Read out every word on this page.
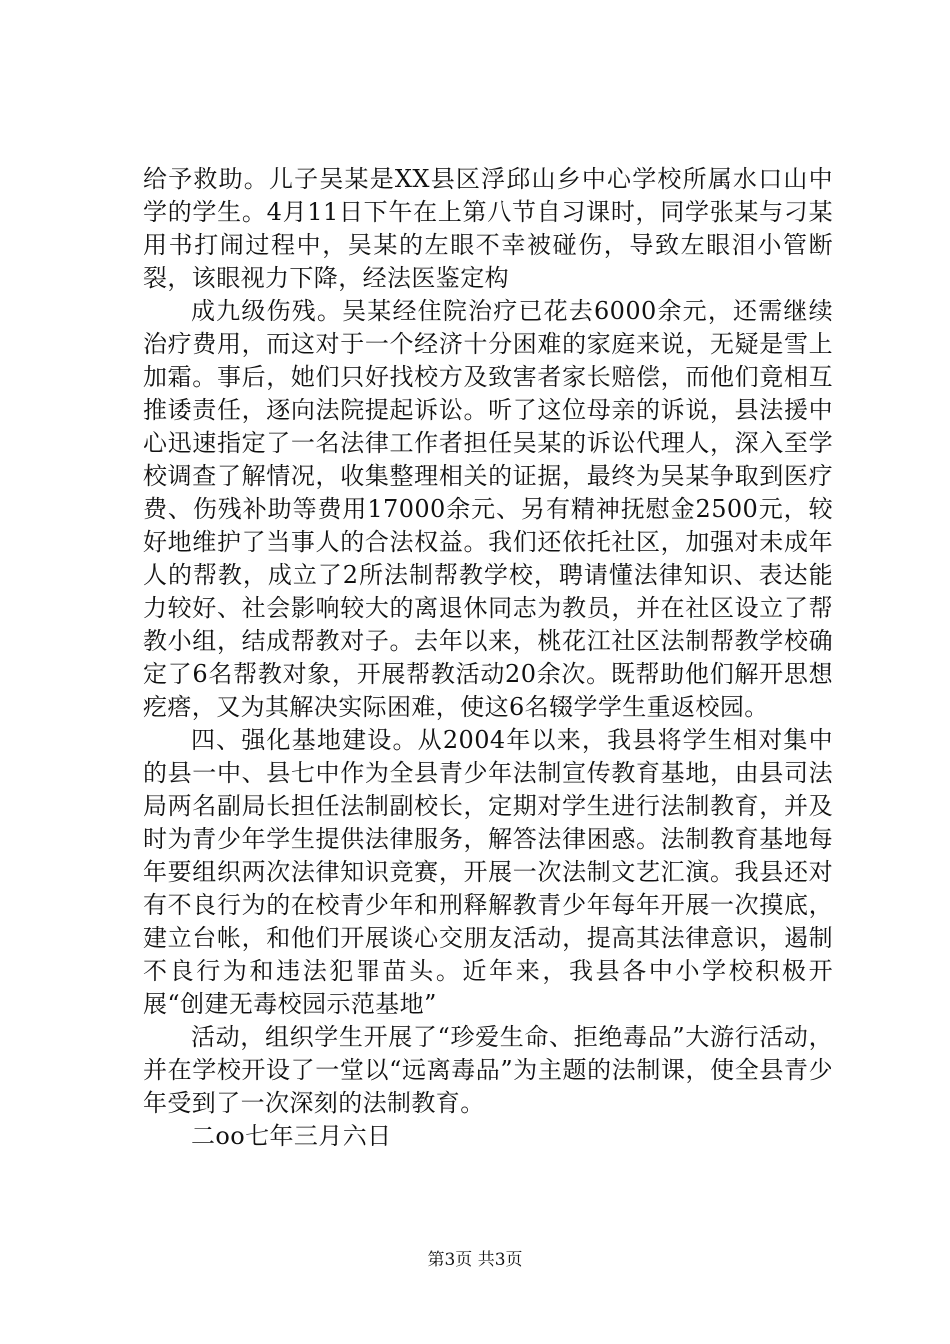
给予救助。儿子吴某是XX县区浮邱山乡中心学校所属水口山中学的学生。4月11日下午在上第八节自习课时，同学张某与刁某用书打闹过程中，吴某的左眼不幸被碰伤，导致左眼泪小管断裂，该眼视力下降，经法医鉴定构

成九级伤残。吴某经住院治疗已花去6000余元，还需继续治疗费用，而这对于一个经济十分困难的家庭来说，无疑是雪上加霜。事后，她们只好找校方及致害者家长赔偿，而他们竟相互推诿责任，逐向法院提起诉讼。听了这位母亲的诉说，县法援中心迅速指定了一名法律工作者担任吴某的诉讼代理人，深入至学校调查了解情况，收集整理相关的证据，最终为吴某争取到医疗费、伤残补助等费用17000余元、另有精神抚慰金2500元，较好地维护了当事人的合法权益。我们还依托社区，加强对未成年人的帮教，成立了2所法制帮教学校，聘请懂法律知识、表达能力较好、社会影响较大的离退休同志为教员，并在社区设立了帮教小组，结成帮教对子。去年以来，桃花江社区法制帮教学校确定了6名帮教对象，开展帮教活动20余次。既帮助他们解开思想疙瘩，又为其解决实际困难，使这6名辍学学生重返校园。

四、强化基地建设。从2004年以来，我县将学生相对集中的县一中、县七中作为全县青少年法制宣传教育基地，由县司法局两名副局长担任法制副校长，定期对学生进行法制教育，并及时为青少年学生提供法律服务，解答法律困惑。法制教育基地每年要组织两次法律知识竞赛，开展一次法制文艺汇演。我县还对有不良行为的在校青少年和刑释解教青少年每年开展一次摸底，建立台帐，和他们开展谈心交朋友活动，提高其法律意识，遏制不良行为和违法犯罪苗头。近年来，我县各中小学校积极开展“创建无毒校园示范基地”

活动，组织学生开展了“珍爱生命、拒绝毒品”大游行活动，并在学校开设了一堂以“远离毒品”为主题的法制课，使全县青少年受到了一次深刻的法制教育。

二oo七年三月六日

第3页 共3页
